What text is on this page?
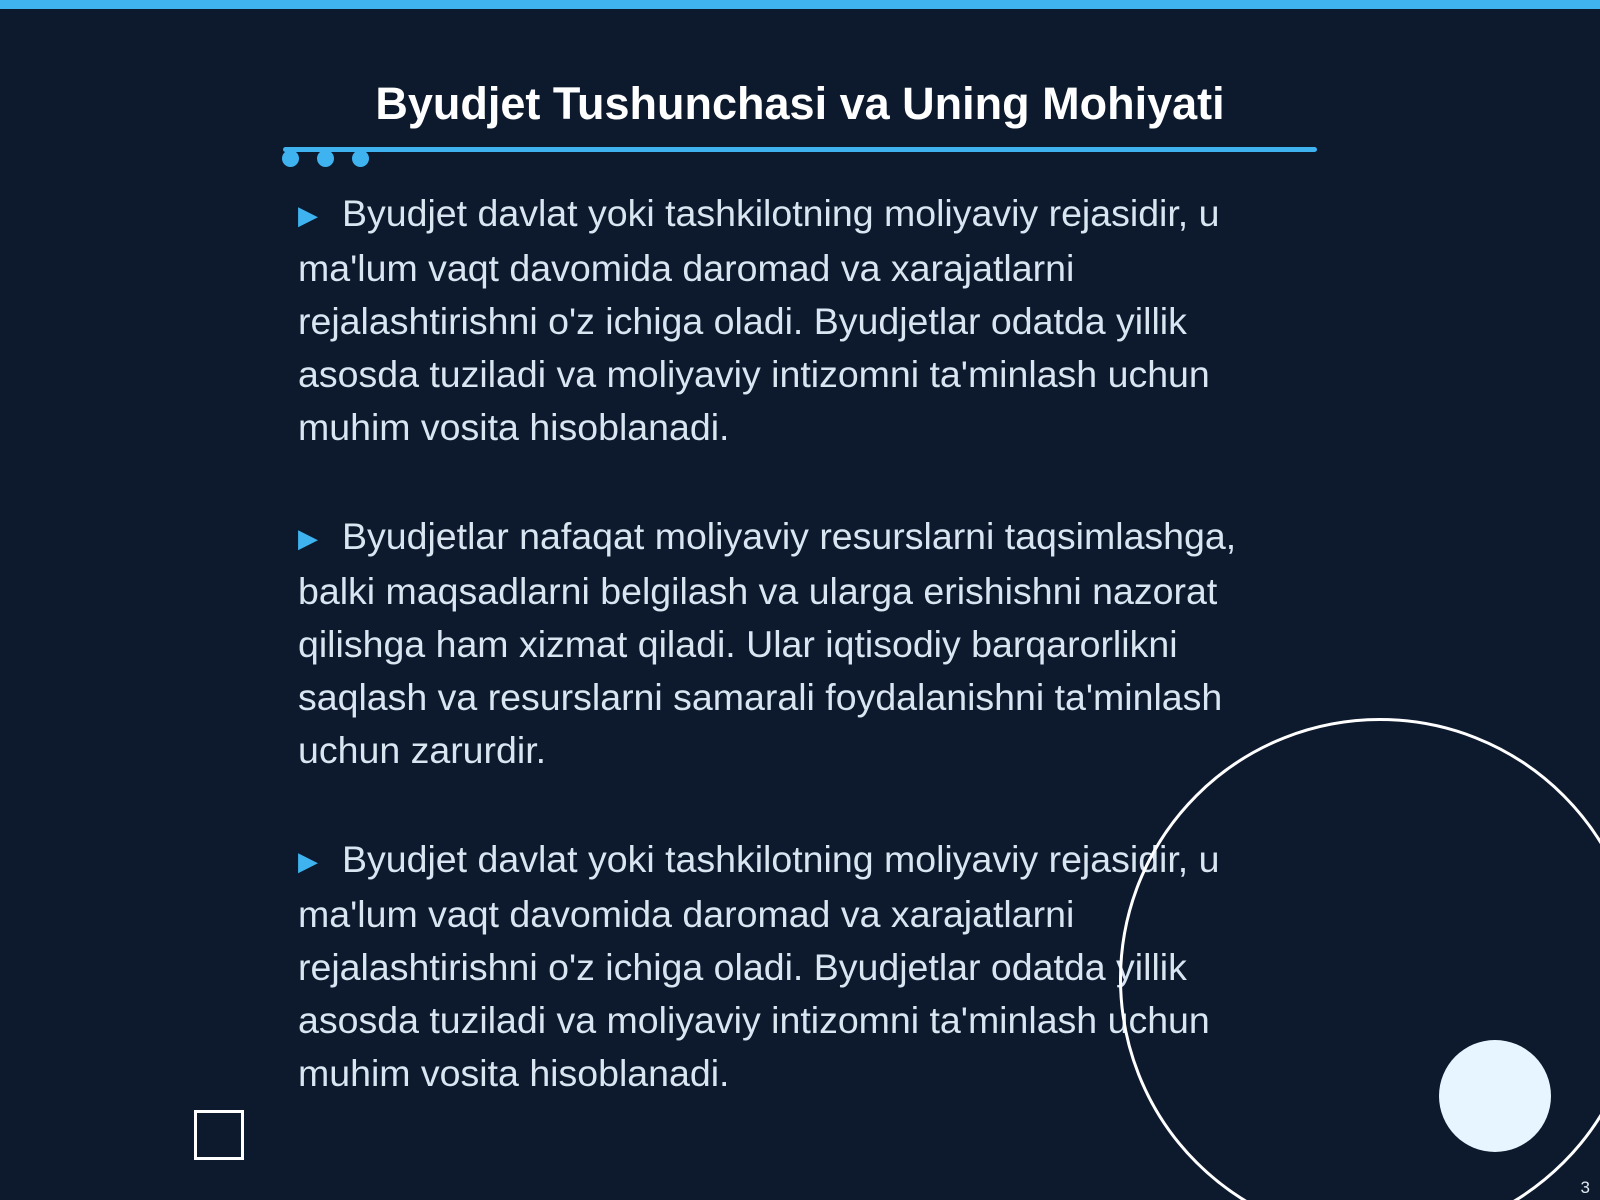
Byudjet Tushunchasi va Uning Mohiyati

▶ Byudjet davlat yoki tashkilotning moliyaviy rejasidir, u ma'lum vaqt davomida daromad va xarajatlarni rejalashtirishni o'z ichiga oladi. Byudjetlar odatda yillik asosda tuziladi va moliyaviy intizomni ta'minlash uchun muhim vosita hisoblanadi.

▶ Byudjetlar nafaqat moliyaviy resurslarni taqsimlashga, balki maqsadlarni belgilash va ularga erishishni nazorat qilishga ham xizmat qiladi. Ular iqtisodiy barqarorlikni saqlash va resurslarni samarali foydalanishni ta'minlash uchun zarurdir.

▶ Byudjet davlat yoki tashkilotning moliyaviy rejasidir, u ma'lum vaqt davomida daromad va xarajatlarni rejalashtirishni o'z ichiga oladi. Byudjetlar odatda yillik asosda tuziladi va moliyaviy intizomni ta'minlash uchun muhim vosita hisoblanadi.

3
